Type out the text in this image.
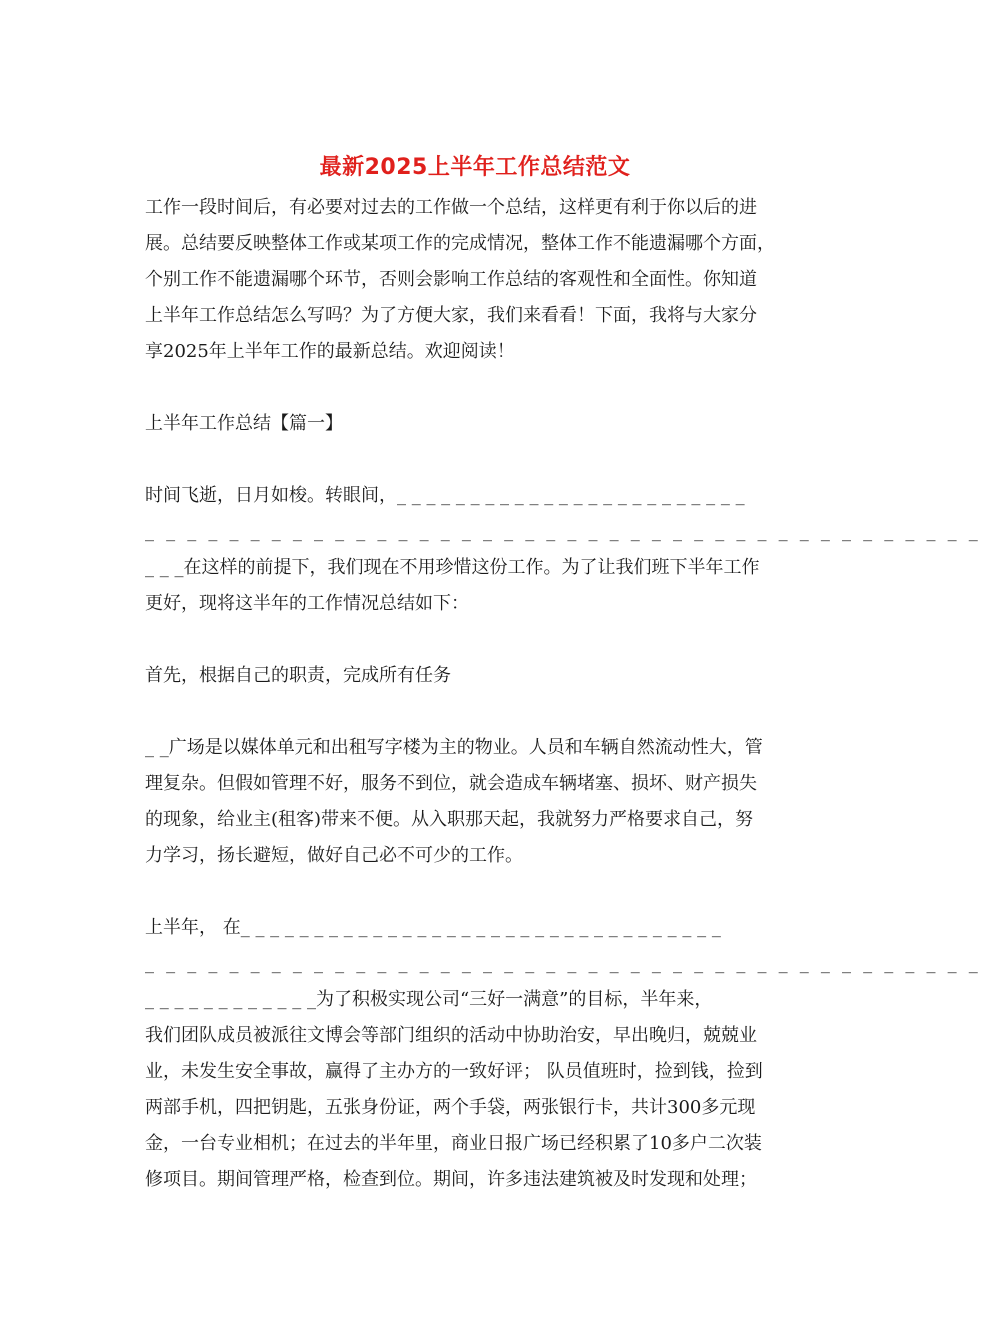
最新2025上半年工作总结范文
工作一段时间后，有必要对过去的工作做一个总结，这样更有利于你以后的进
展。总结要反映整体工作或某项工作的完成情况，整体工作不能遗漏哪个方面，
个别工作不能遗漏哪个环节，否则会影响工作总结的客观性和全面性。你知道
上半年工作总结怎么写吗？为了方便大家，我们来看看！下面，我将与大家分
享2025年上半年工作的最新总结。欢迎阅读！
上半年工作总结【篇一】
时间飞逝，日月如梭。转眼间，_ _ _ _ _ _ _ _ _ _ _ _ _ _ _ _ _ _ _ _ _ _ _ _
_ _ _ _ _ _ _ _ _ _ _ _ _ _ _ _ _ _ _ _ _ _ _ _ _ _ _ _ _ _ _ _ _ _ _ _ _ _ _ _
_ _ _在这样的前提下，我们现在不用珍惜这份工作。为了让我们班下半年工作
更好，现将这半年的工作情况总结如下：
首先，根据自己的职责，完成所有任务
_ _广场是以媒体单元和出租写字楼为主的物业。人员和车辆自然流动性大，管
理复杂。但假如管理不好，服务不到位，就会造成车辆堵塞、损坏、财产损失
的现象，给业主(租客)带来不便。从入职那天起，我就努力严格要求自己，努
力学习，扬长避短，做好自己必不可少的工作。
上半年， 在_ _ _ _ _ _ _ _ _ _ _ _ _ _ _ _ _ _ _ _ _ _ _ _ _ _ _ _ _ _ _ _ _
_ _ _ _ _ _ _ _ _ _ _ _ _ _ _ _ _ _ _ _ _ _ _ _ _ _ _ _ _ _ _ _ _ _ _ _ _ _ _ _
_ _ _ _ _ _ _ _ _ _ _ _为了积极实现公司“三好一满意”的目标，半年来，
我们团队成员被派往文博会等部门组织的活动中协助治安，早出晚归，兢兢业
业，未发生安全事故，赢得了主办方的一致好评； 队员值班时，捡到钱，捡到
两部手机，四把钥匙，五张身份证，两个手袋，两张银行卡，共计300多元现
金，一台专业相机；在过去的半年里，商业日报广场已经积累了10多户二次装
修项目。期间管理严格，检查到位。期间，许多违法建筑被及时发现和处理；
